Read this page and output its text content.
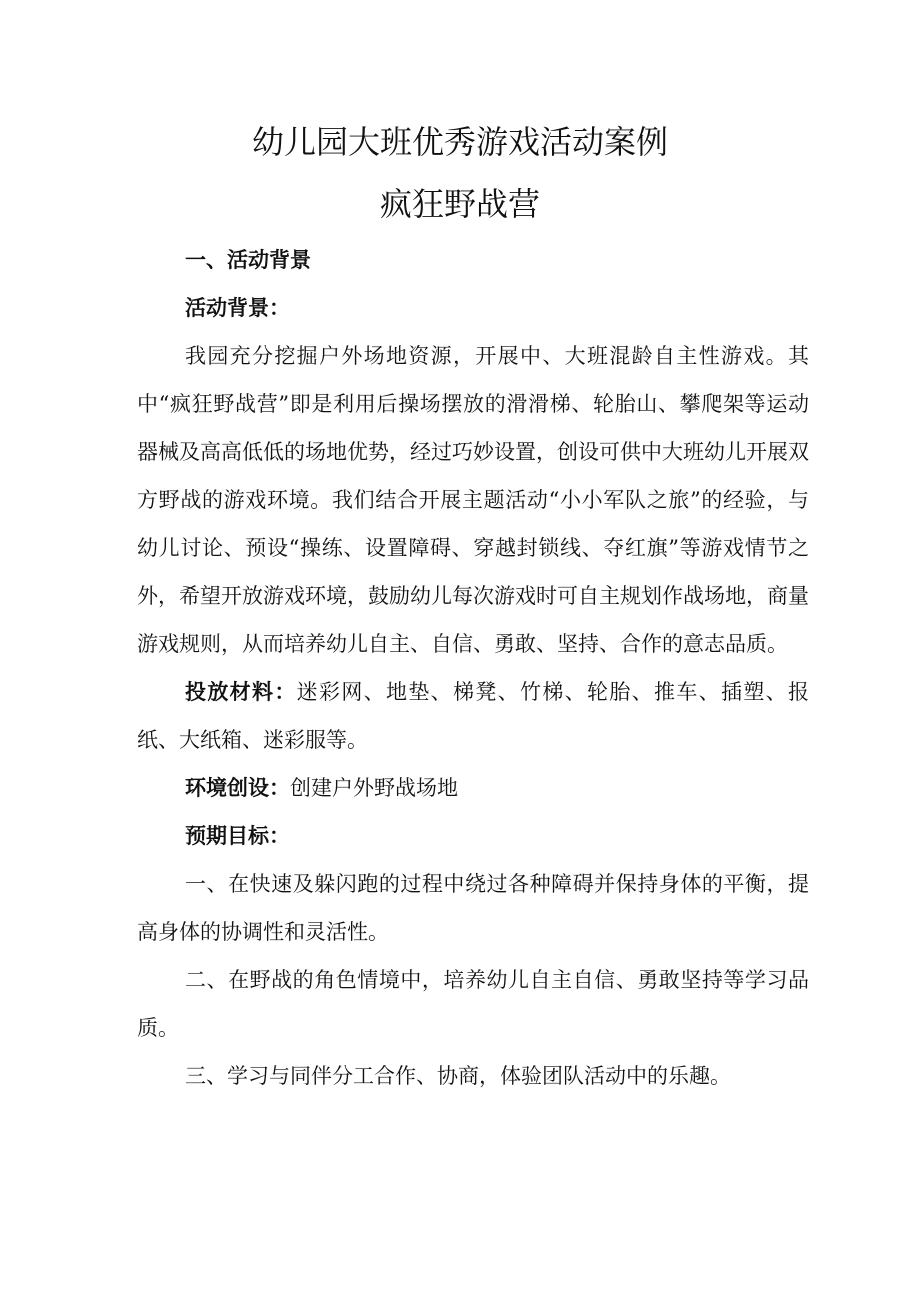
幼儿园大班优秀游戏活动案例
疯狂野战营

一、活动背景

活动背景：

我园充分挖掘户外场地资源，开展中、大班混龄自主性游戏。其中“疯狂野战营”即是利用后操场摆放的滑滑梯、轮胎山、攀爬架等运动器械及高高低低的场地优势，经过巧妙设置，创设可供中大班幼儿开展双方野战的游戏环境。我们结合开展主题活动“小小军队之旅”的经验，与幼儿讨论、预设“操练、设置障碍、穿越封锁线、夺红旗”等游戏情节之外，希望开放游戏环境，鼓励幼儿每次游戏时可自主规划作战场地，商量游戏规则，从而培养幼儿自主、自信、勇敢、坚持、合作的意志品质。

投放材料：迷彩网、地垫、梯凳、竹梯、轮胎、推车、插塑、报纸、大纸箱、迷彩服等。

环境创设：创建户外野战场地

预期目标：

一、在快速及躲闪跑的过程中绕过各种障碍并保持身体的平衡，提高身体的协调性和灵活性。

二、在野战的角色情境中，培养幼儿自主自信、勇敢坚持等学习品质。

三、学习与同伴分工合作、协商，体验团队活动中的乐趣。
